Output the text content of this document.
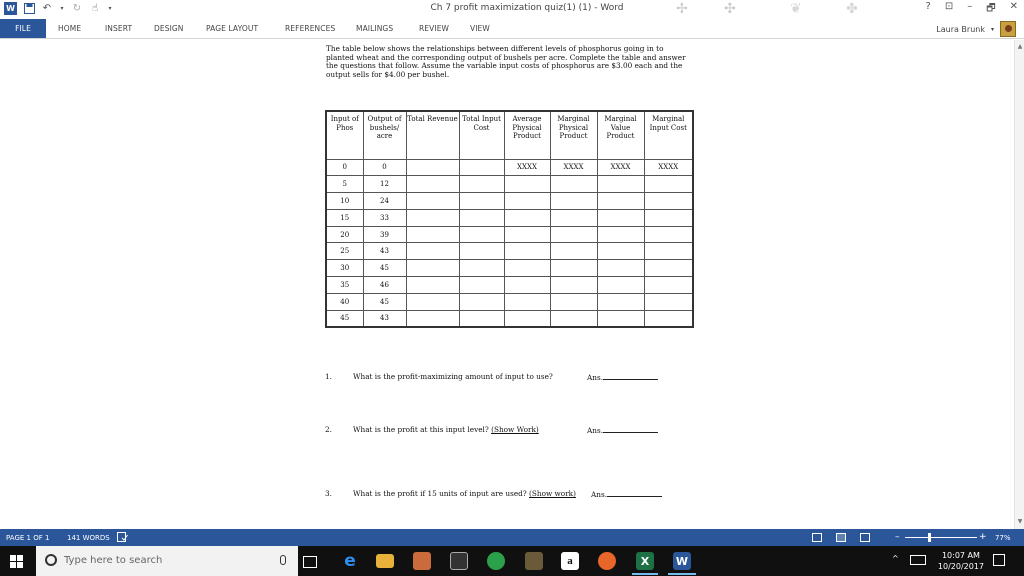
W	↶	▾ ↻ ☝	▾	Ch 7 profit maximization quiz(1) (1) - Word	✢	✣	❦	✤	? ⊡ – 🗗 ✕
FILE	HOME	INSERT	DESIGN	PAGE LAYOUT	REFERENCES	MAILINGS	REVIEW	VIEW	Laura Brunk ▾

The table below shows the relationships between different levels of phosphorus going in to planted wheat and the corresponding output of bushels per acre. Complete the table and answer the questions that follow. Assume the variable input costs of phosphorus are $3.00 each and the output sells for $4.00 per bushel.

Input of Phos	Output of bushels/ acre	Total Revenue	Total Input Cost	Average Physical Product	Marginal Physical Product	Marginal Value Product	Marginal Input Cost
0	0			XXXX	XXXX	XXXX	XXXX
5	12						
10	24						
15	33						
20	39						
25	43						
30	45						
35	46						
40	45						
45	43						
1.	What is the profit-maximizing amount of input to use?	Ans.
2.	What is the profit at this input level? (Show Work)	Ans.
3.	What is the profit if 15 units of input are used? (Show work) Ans.
▲
▼
PAGE 1 OF 1	141 WORDS	–	+ 77%
Type here to search	e	a	X	W	^	10:07 AM
10/20/2017
